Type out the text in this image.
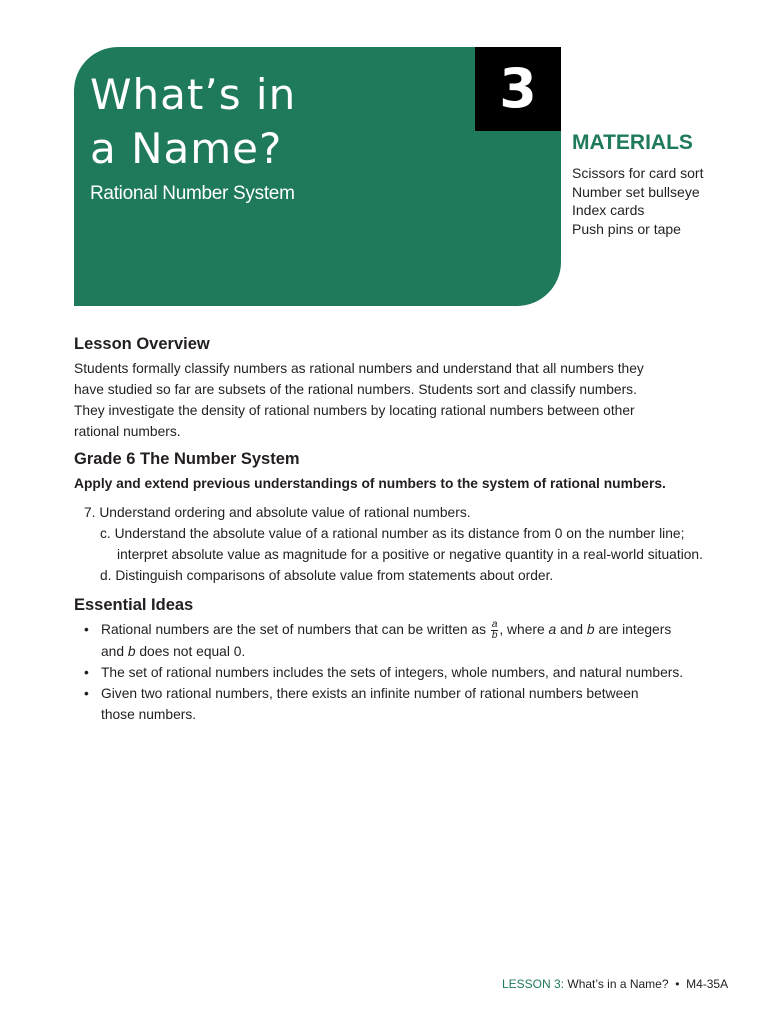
What’s in
a Name?
Rational Number System
3
MATERIALS
Scissors for card sort
Number set bullseye
Index cards
Push pins or tape
Lesson Overview

Students formally classify numbers as rational numbers and understand that all numbers they
have studied so far are subsets of the rational numbers. Students sort and classify numbers.
They investigate the density of rational numbers by locating rational numbers between other
rational numbers.

Grade 6 The Number System

Apply and extend previous understandings of numbers to the system of rational numbers.

7. Understand ordering and absolute value of rational numbers.

c. Understand the absolute value of a rational number as its distance from 0 on the number line;
interpret absolute value as magnitude for a positive or negative quantity in a real-world situation.

d. Distinguish comparisons of absolute value from statements about order.

Essential Ideas
• Rational numbers are the set of numbers that can be written as $\frac{a}{b}$ , where a and b are integers
and b does not equal 0.
• The set of rational numbers includes the sets of integers, whole numbers, and natural numbers.
• Given two rational numbers, there exists an infinite number of rational numbers between
those numbers.
LESSON 3: What’s in a Name? • M4-35A
